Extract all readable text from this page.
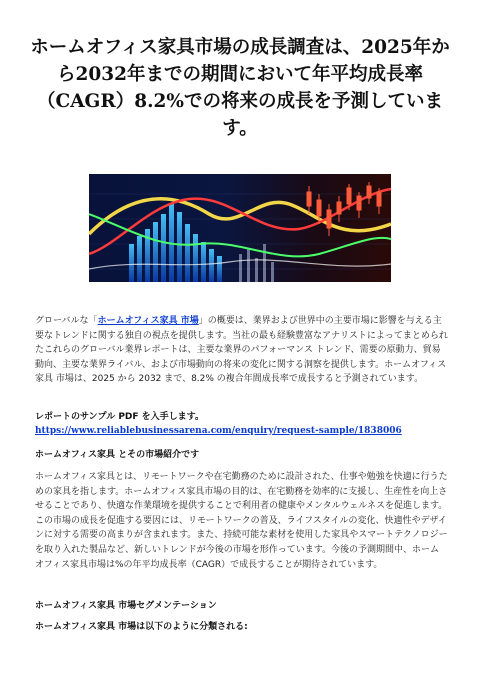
ホームオフィス家具市場の成長調査は、2025年から2032年までの期間において年平均成長率（CAGR）8.2%での将来の成長を予測しています。

グローバルな「ホームオフィス家具 市場」の概要は、業界および世界中の主要市場に影響を与える主要なトレンドに関する独自の視点を提供します。当社の最も経験豊富なアナリストによってまとめられたこれらのグローバル業界レポートは、主要な業界のパフォーマンス トレンド、需要の原動力、貿易動向、主要な業界ライバル、および市場動向の将来の変化に関する洞察を提供します。ホームオフィス家具 市場は、2025 から 2032 まで、8.2% の複合年間成長率で成長すると予測されています。

レポートのサンプル PDF を入手します。 https://www.reliablebusinessarena.com/enquiry/request-sample/1838006

ホームオフィス家具 とその市場紹介です

ホームオフィス家具とは、リモートワークや在宅勤務のために設計された、仕事や勉強を快適に行うための家具を指します。ホームオフィス家具市場の目的は、在宅勤務を効率的に支援し、生産性を向上させることであり、快適な作業環境を提供することで利用者の健康やメンタルウェルネスを促進します。この市場の成長を促進する要因には、リモートワークの普及、ライフスタイルの変化、快適性やデザインに対する需要の高まりが含まれます。また、持続可能な素材を使用した家具やスマートテクノロジーを取り入れた製品など、新しいトレンドが今後の市場を形作っています。今後の予測期間中、ホームオフィス家具市場は%の年平均成長率（CAGR）で成長することが期待されています。

ホームオフィス家具 市場セグメンテーション

ホームオフィス家具 市場は以下のように分類される:
